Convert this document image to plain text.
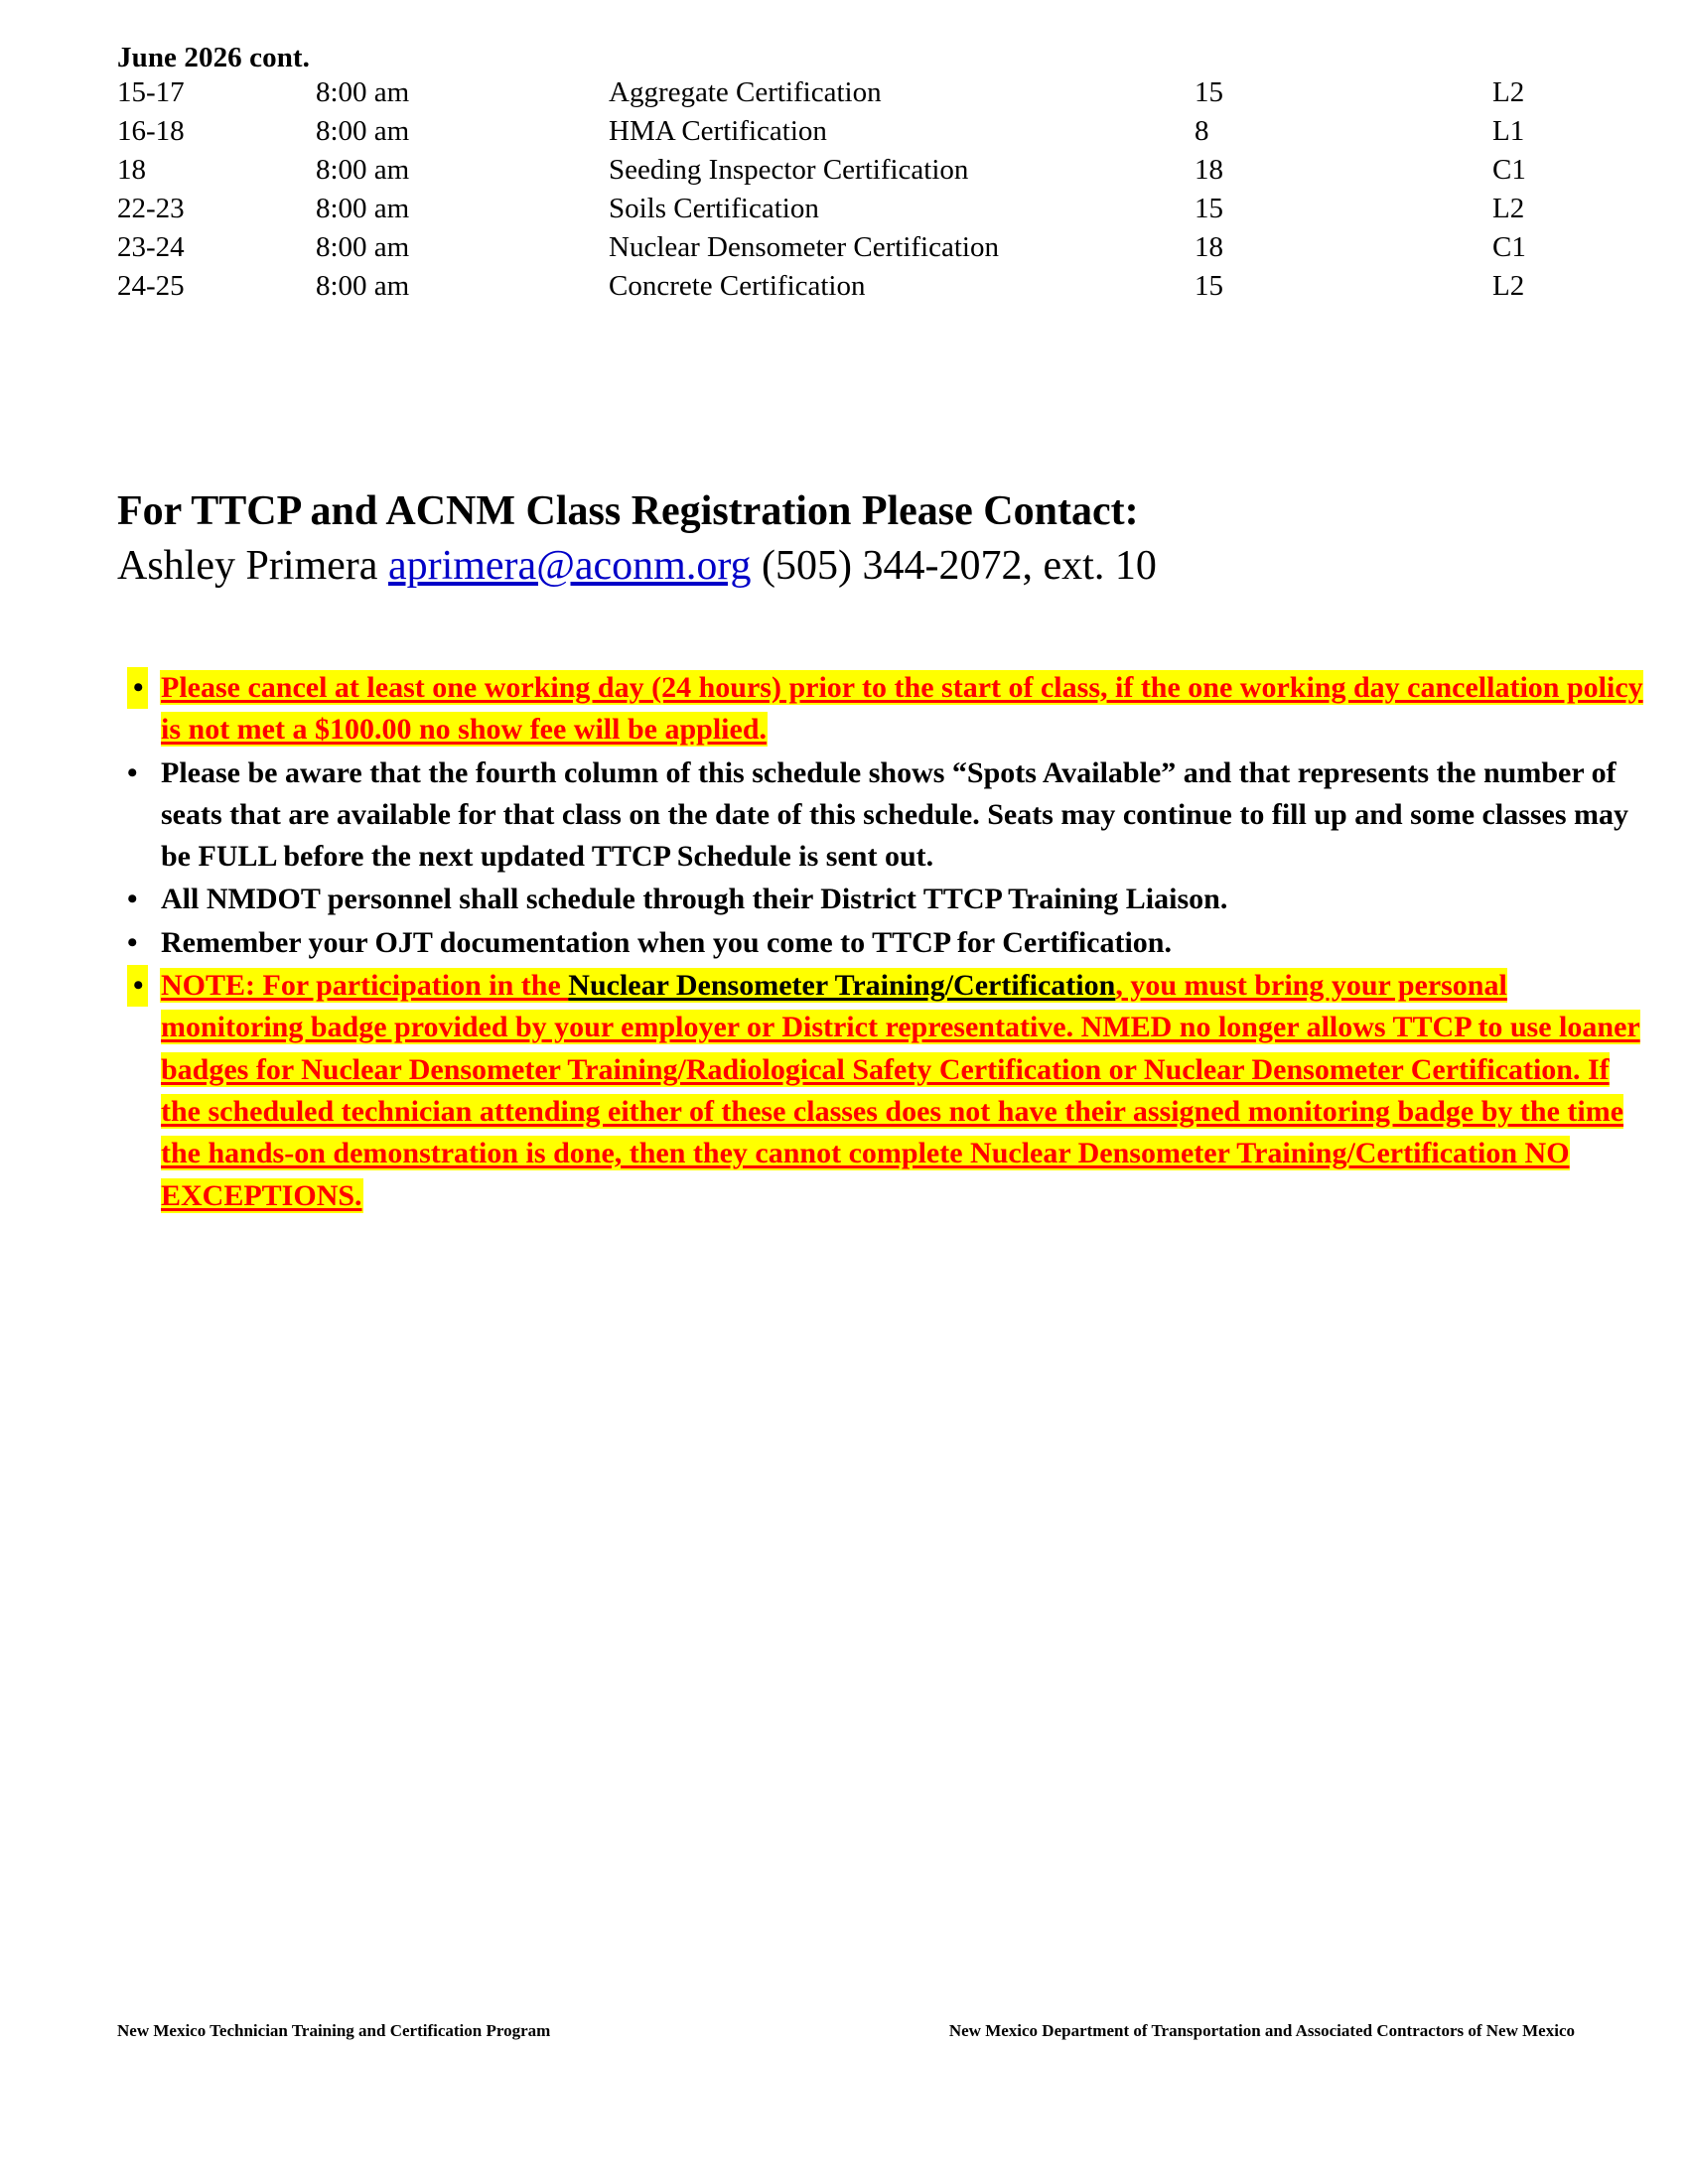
June 2026 cont.
15-17	8:00 am	Aggregate Certification	15	L2
16-18	8:00 am	HMA Certification	8	L1
18	8:00 am	Seeding Inspector Certification	18	C1
22-23	8:00 am	Soils Certification	15	L2
23-24	8:00 am	Nuclear Densometer Certification	18	C1
24-25	8:00 am	Concrete Certification	15	L2

For TTCP and ACNM Class Registration Please Contact:

Ashley Primera aprimera@aconm.org (505) 344-2072, ext. 10

• Please cancel at least one working day (24 hours) prior to the start of class, if the one working day cancellation policy is not met a $100.00 no show fee will be applied.
• Please be aware that the fourth column of this schedule shows “Spots Available” and that represents the number of seats that are available for that class on the date of this schedule. Seats may continue to fill up and some classes may be FULL before the next updated TTCP Schedule is sent out.
• All NMDOT personnel shall schedule through their District TTCP Training Liaison.
• Remember your OJT documentation when you come to TTCP for Certification.
• NOTE: For participation in the Nuclear Densometer Training/Certification, you must bring your personal monitoring badge provided by your employer or District representative. NMED no longer allows TTCP to use loaner badges for Nuclear Densometer Training/Radiological Safety Certification or Nuclear Densometer Certification. If the scheduled technician attending either of these classes does not have their assigned monitoring badge by the time the hands-on demonstration is done, then they cannot complete Nuclear Densometer Training/Certification NO EXCEPTIONS.
New Mexico Technician Training and Certification Program	New Mexico Department of Transportation and Associated Contractors of New Mexico
